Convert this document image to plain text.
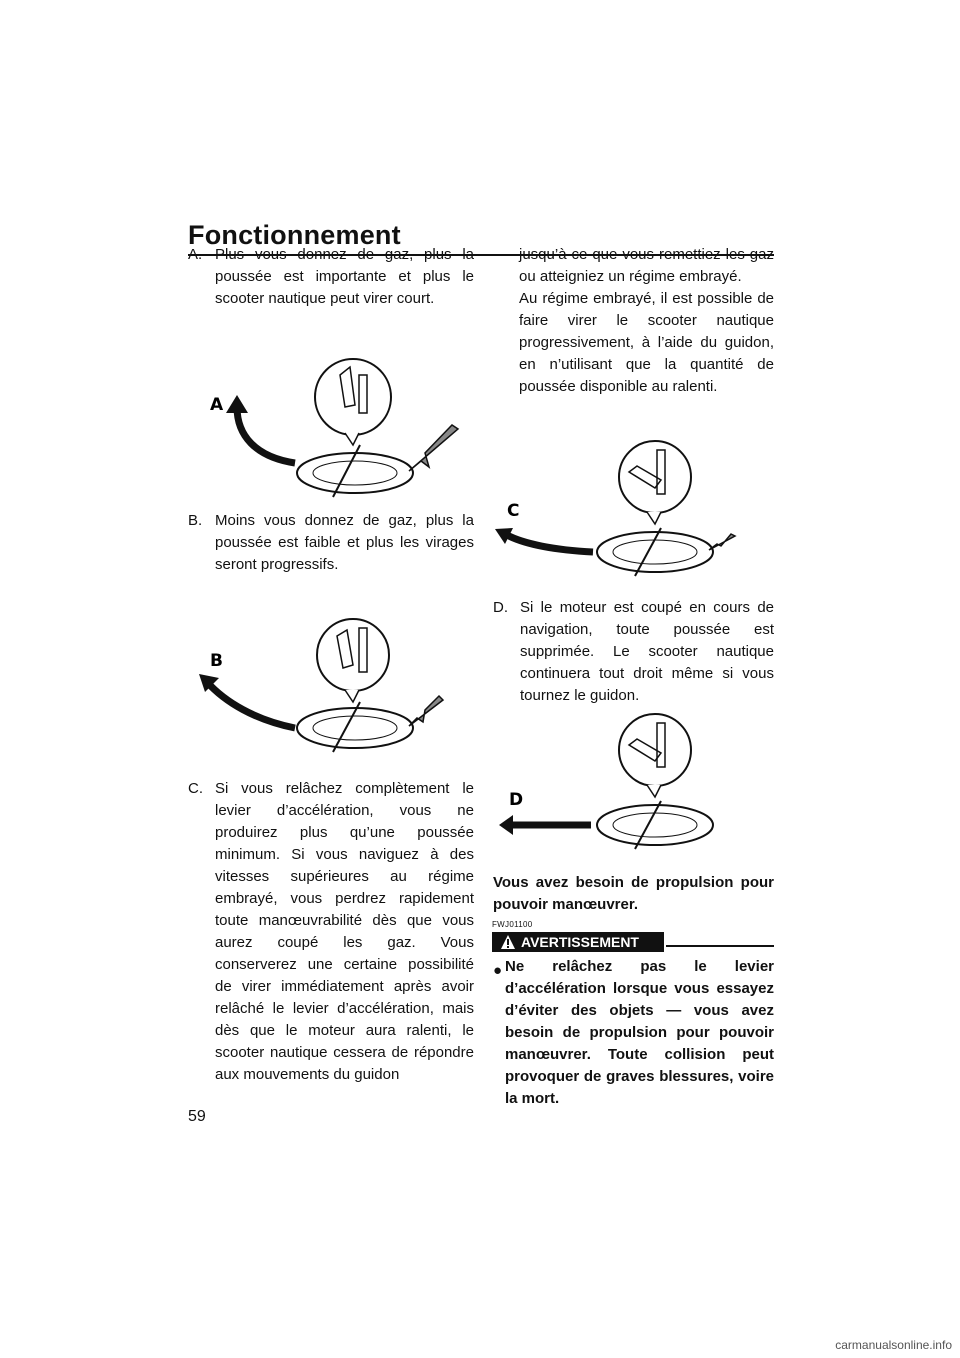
Fonctionnement
A. Plus vous donnez de gaz, plus la poussée est importante et plus le scooter nautique peut virer court.
A
B. Moins vous donnez de gaz, plus la poussée est faible et plus les virages seront progressifs.
B
C. Si vous relâchez complètement le levier d’accélération, vous ne produirez plus qu’une poussée minimum. Si vous naviguez à des vitesses supérieures au régime embrayé, vous perdrez rapidement toute manœuvrabilité dès que vous aurez coupé les gaz. Vous conserverez une certaine possibilité de virer immédiatement après avoir relâché le levier d’accélération, mais dès que le moteur aura ralenti, le scooter nautique cessera de répondre aux mouvements du guidon
jusqu’à ce que vous remettiez les gaz ou atteigniez un régime embrayé.
Au régime embrayé, il est possible de faire virer le scooter nautique progressivement, à l’aide du guidon, en n’utilisant que la quantité de poussée disponible au ralenti.
C
D. Si le moteur est coupé en cours de navigation, toute poussée est supprimée. Le scooter nautique continuera tout droit même si vous tournez le guidon.
D
Vous avez besoin de propulsion pour pouvoir manœuvrer.
FWJ01100
AVERTISSEMENT
● Ne relâchez pas le levier d’accélération lorsque vous essayez d’éviter des objets — vous avez besoin de propulsion pour pouvoir manœuvrer. Toute collision peut provoquer de graves blessures, voire la mort.
59
carmanualsonline.info
